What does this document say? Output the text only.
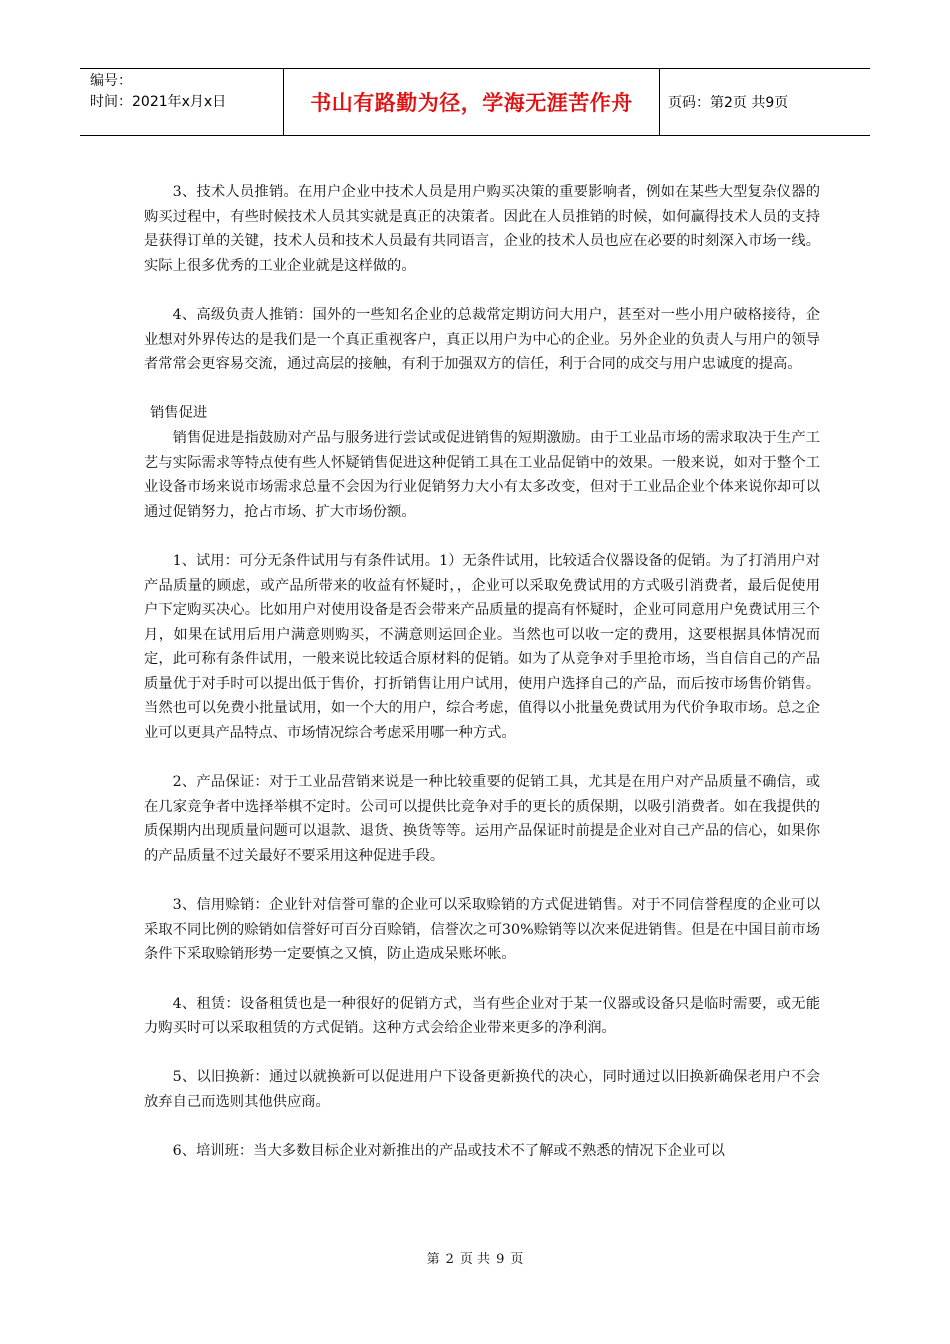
编号：
时间：2021年x月x日	书山有路勤为径，学海无涯苦作舟	页码：第2页 共9页

3、技术人员推销。在用户企业中技术人员是用户购买决策的重要影响者，例如在某些大型复杂仪器的购买过程中，有些时候技术人员其实就是真正的决策者。因此在人员推销的时候，如何赢得技术人员的支持是获得订单的关键，技术人员和技术人员最有共同语言，企业的技术人员也应在必要的时刻深入市场一线。实际上很多优秀的工业企业就是这样做的。

4、高级负责人推销：国外的一些知名企业的总裁常定期访问大用户，甚至对一些小用户破格接待，企业想对外界传达的是我们是一个真正重视客户，真正以用户为中心的企业。另外企业的负责人与用户的领导者常常会更容易交流，通过高层的接触，有利于加强双方的信任，利于合同的成交与用户忠诚度的提高。

销售促进

销售促进是指鼓励对产品与服务进行尝试或促进销售的短期激励。由于工业品市场的需求取决于生产工艺与实际需求等特点使有些人怀疑销售促进这种促销工具在工业品促销中的效果。一般来说，如对于整个工业设备市场来说市场需求总量不会因为行业促销努力大小有太多改变，但对于工业品企业个体来说你却可以通过促销努力，抢占市场、扩大市场份额。

1、试用：可分无条件试用与有条件试用。1）无条件试用，比较适合仪器设备的促销。为了打消用户对产品质量的顾虑，或产品所带来的收益有怀疑时，，企业可以采取免费试用的方式吸引消费者，最后促使用户下定购买决心。比如用户对使用设备是否会带来产品质量的提高有怀疑时，企业可同意用户免费试用三个月，如果在试用后用户满意则购买，不满意则运回企业。当然也可以收一定的费用，这要根据具体情况而定，此可称有条件试用，一般来说比较适合原材料的促销。如为了从竞争对手里抢市场，当自信自己的产品质量优于对手时可以提出低于售价，打折销售让用户试用，使用户选择自己的产品，而后按市场售价销售。当然也可以免费小批量试用，如一个大的用户，综合考虑，值得以小批量免费试用为代价争取市场。总之企业可以更具产品特点、市场情况综合考虑采用哪一种方式。

2、产品保证：对于工业品营销来说是一种比较重要的促销工具，尤其是在用户对产品质量不确信，或在几家竞争者中选择举棋不定时。公司可以提供比竞争对手的更长的质保期，以吸引消费者。如在我提供的质保期内出现质量问题可以退款、退货、换货等等。运用产品保证时前提是企业对自己产品的信心，如果你的产品质量不过关最好不要采用这种促进手段。

3、信用赊销：企业针对信誉可靠的企业可以采取赊销的方式促进销售。对于不同信誉程度的企业可以采取不同比例的赊销如信誉好可百分百赊销，信誉次之可30%赊销等以次来促进销售。但是在中国目前市场条件下采取赊销形势一定要慎之又慎，防止造成呆账坏帐。

4、租赁：设备租赁也是一种很好的促销方式，当有些企业对于某一仪器或设备只是临时需要，或无能力购买时可以采取租赁的方式促销。这种方式会给企业带来更多的净利润。

5、以旧换新：通过以就换新可以促进用户下设备更新换代的决心，同时通过以旧换新确保老用户不会放弃自己而选则其他供应商。

6、培训班：当大多数目标企业对新推出的产品或技术不了解或不熟悉的情况下企业可以

第 2 页 共 9 页
